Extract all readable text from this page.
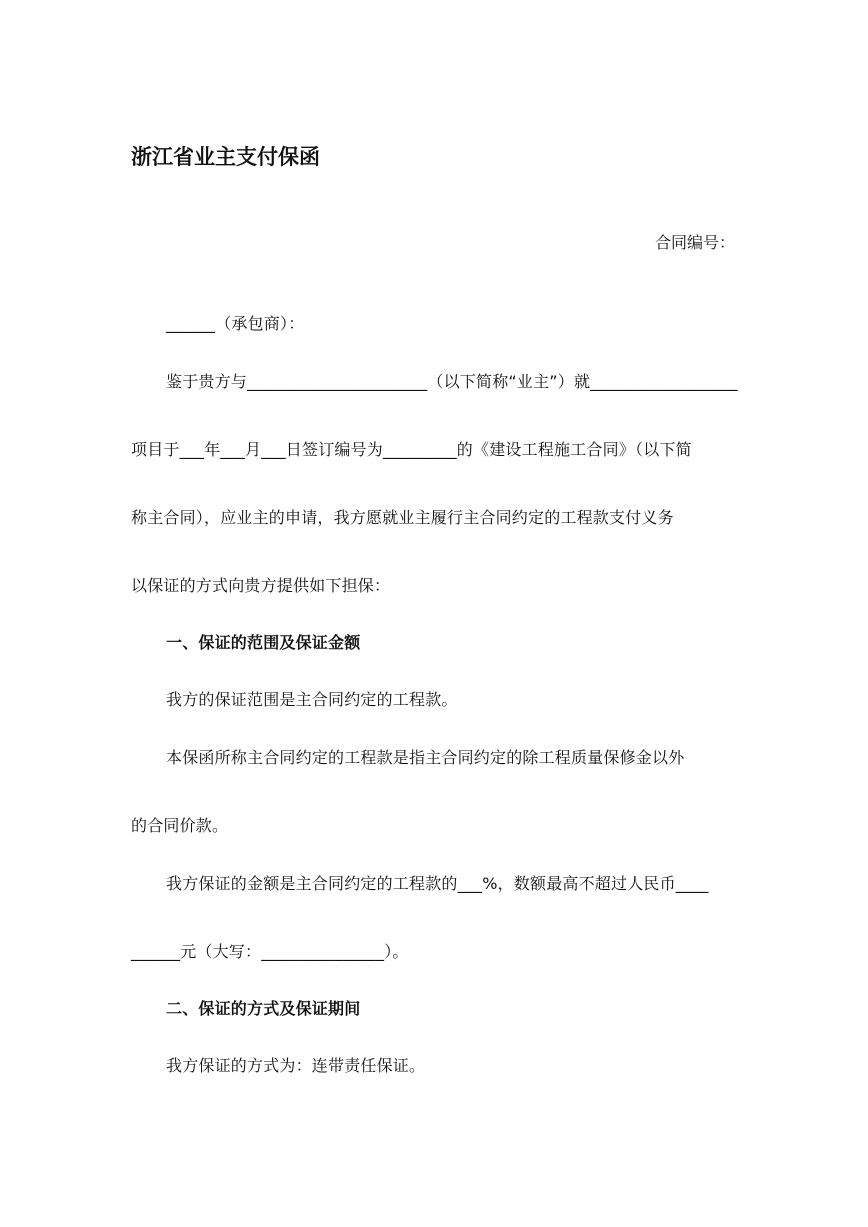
浙江省业主支付保函
合同编号：
______（承包商）：
鉴于贵方与______________________（以下简称“业主”）就__________________
项目于___年___月___日签订编号为_________的《建设工程施工合同》（以下简
称主合同），应业主的申请，我方愿就业主履行主合同约定的工程款支付义务
以保证的方式向贵方提供如下担保：
一、保证的范围及保证金额
我方的保证范围是主合同约定的工程款。
本保函所称主合同约定的工程款是指主合同约定的除工程质量保修金以外
的合同价款。
我方保证的金额是主合同约定的工程款的___%，数额最高不超过人民币____
______元（大写：_______________）。
二、保证的方式及保证期间
我方保证的方式为：连带责任保证。
